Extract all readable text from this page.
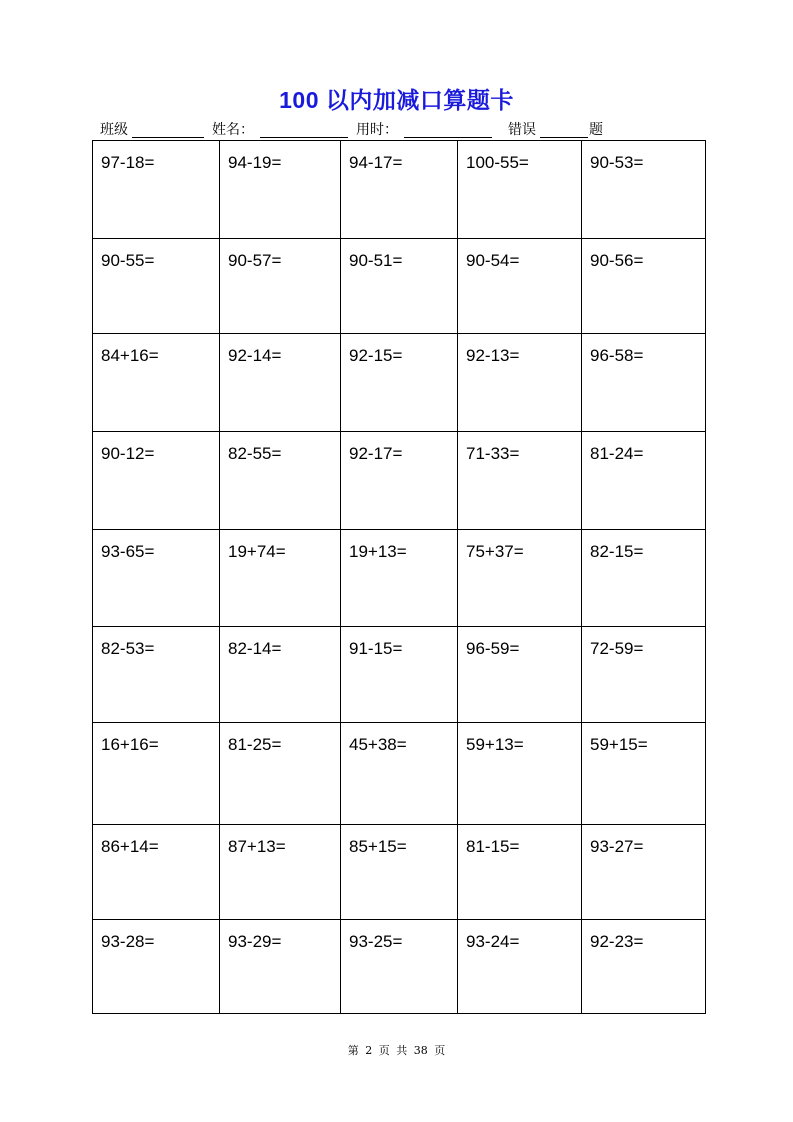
100 以内加减口算题卡
班级	姓名：	用时：	错误	题
97-18=	94-19=	94-17=	100-55=	90-53=
90-55=	90-57=	90-51=	90-54=	90-56=
84+16=	92-14=	92-15=	92-13=	96-58=
90-12=	82-55=	92-17=	71-33=	81-24=
93-65=	19+74=	19+13=	75+37=	82-15=
82-53=	82-14=	91-15=	96-59=	72-59=
16+16=	81-25=	45+38=	59+13=	59+15=
86+14=	87+13=	85+15=	81-15=	93-27=
93-28=	93-29=	93-25=	93-24=	92-23=
第 2 页 共 38 页
